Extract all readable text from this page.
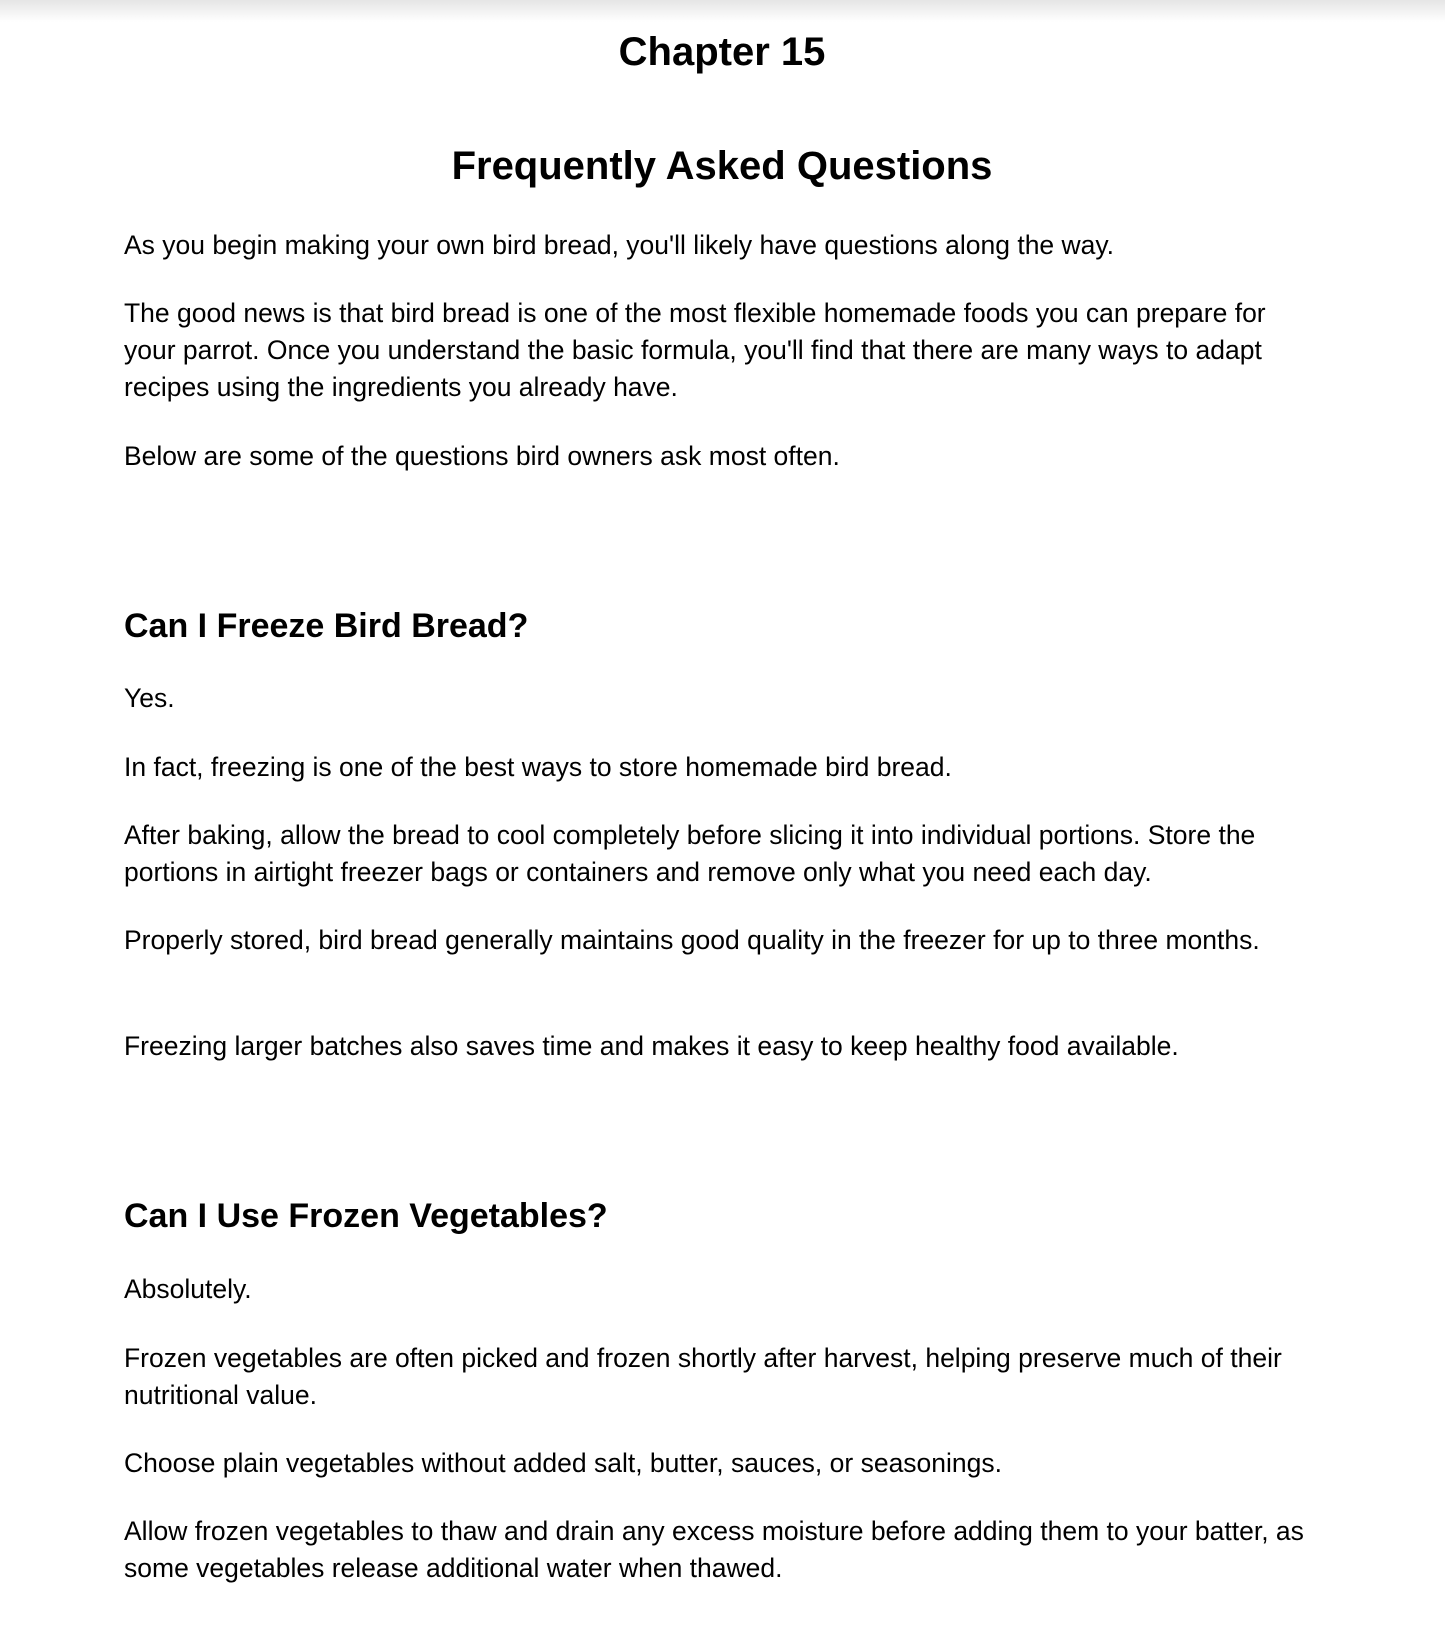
Chapter 15
Frequently Asked Questions

As you begin making your own bird bread, you'll likely have questions along the way.

The good news is that bird bread is one of the most flexible homemade foods you can prepare for your parrot. Once you understand the basic formula, you'll find that there are many ways to adapt recipes using the ingredients you already have.

Below are some of the questions bird owners ask most often.

Can I Freeze Bird Bread?

Yes.

In fact, freezing is one of the best ways to store homemade bird bread.

After baking, allow the bread to cool completely before slicing it into individual portions. Store the portions in airtight freezer bags or containers and remove only what you need each day.

Properly stored, bird bread generally maintains good quality in the freezer for up to three months.

Freezing larger batches also saves time and makes it easy to keep healthy food available.

Can I Use Frozen Vegetables?

Absolutely.

Frozen vegetables are often picked and frozen shortly after harvest, helping preserve much of their nutritional value.

Choose plain vegetables without added salt, butter, sauces, or seasonings.

Allow frozen vegetables to thaw and drain any excess moisture before adding them to your batter, as some vegetables release additional water when thawed.
